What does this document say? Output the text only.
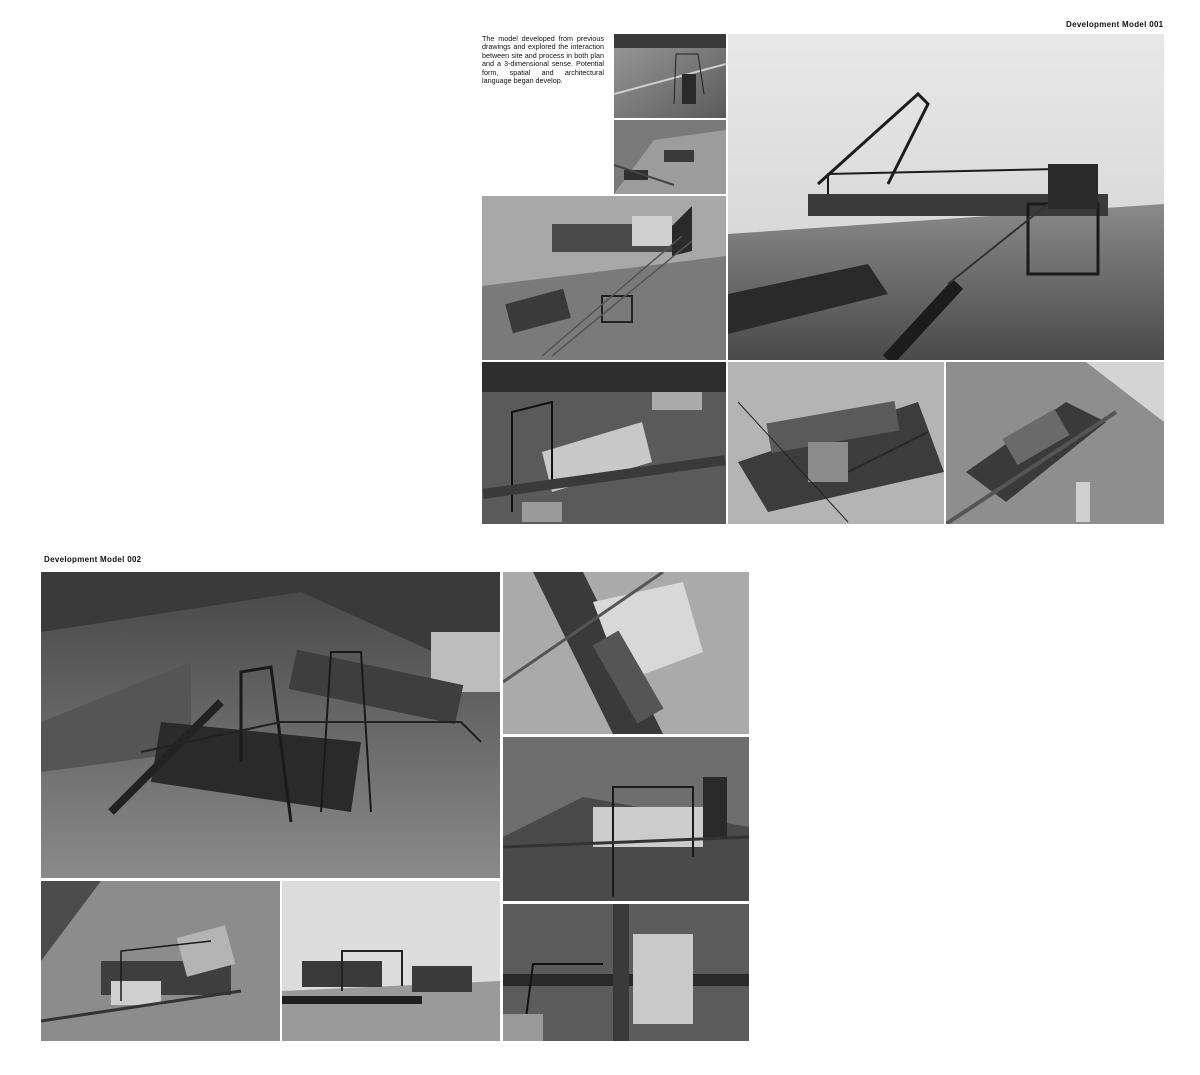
Development Model 001
The model developed from previous drawings and explored the interaction between site and process in both plan and a 3-dimensional sense. Potential form, spatial and architectural language began develop.
Development Model 002
